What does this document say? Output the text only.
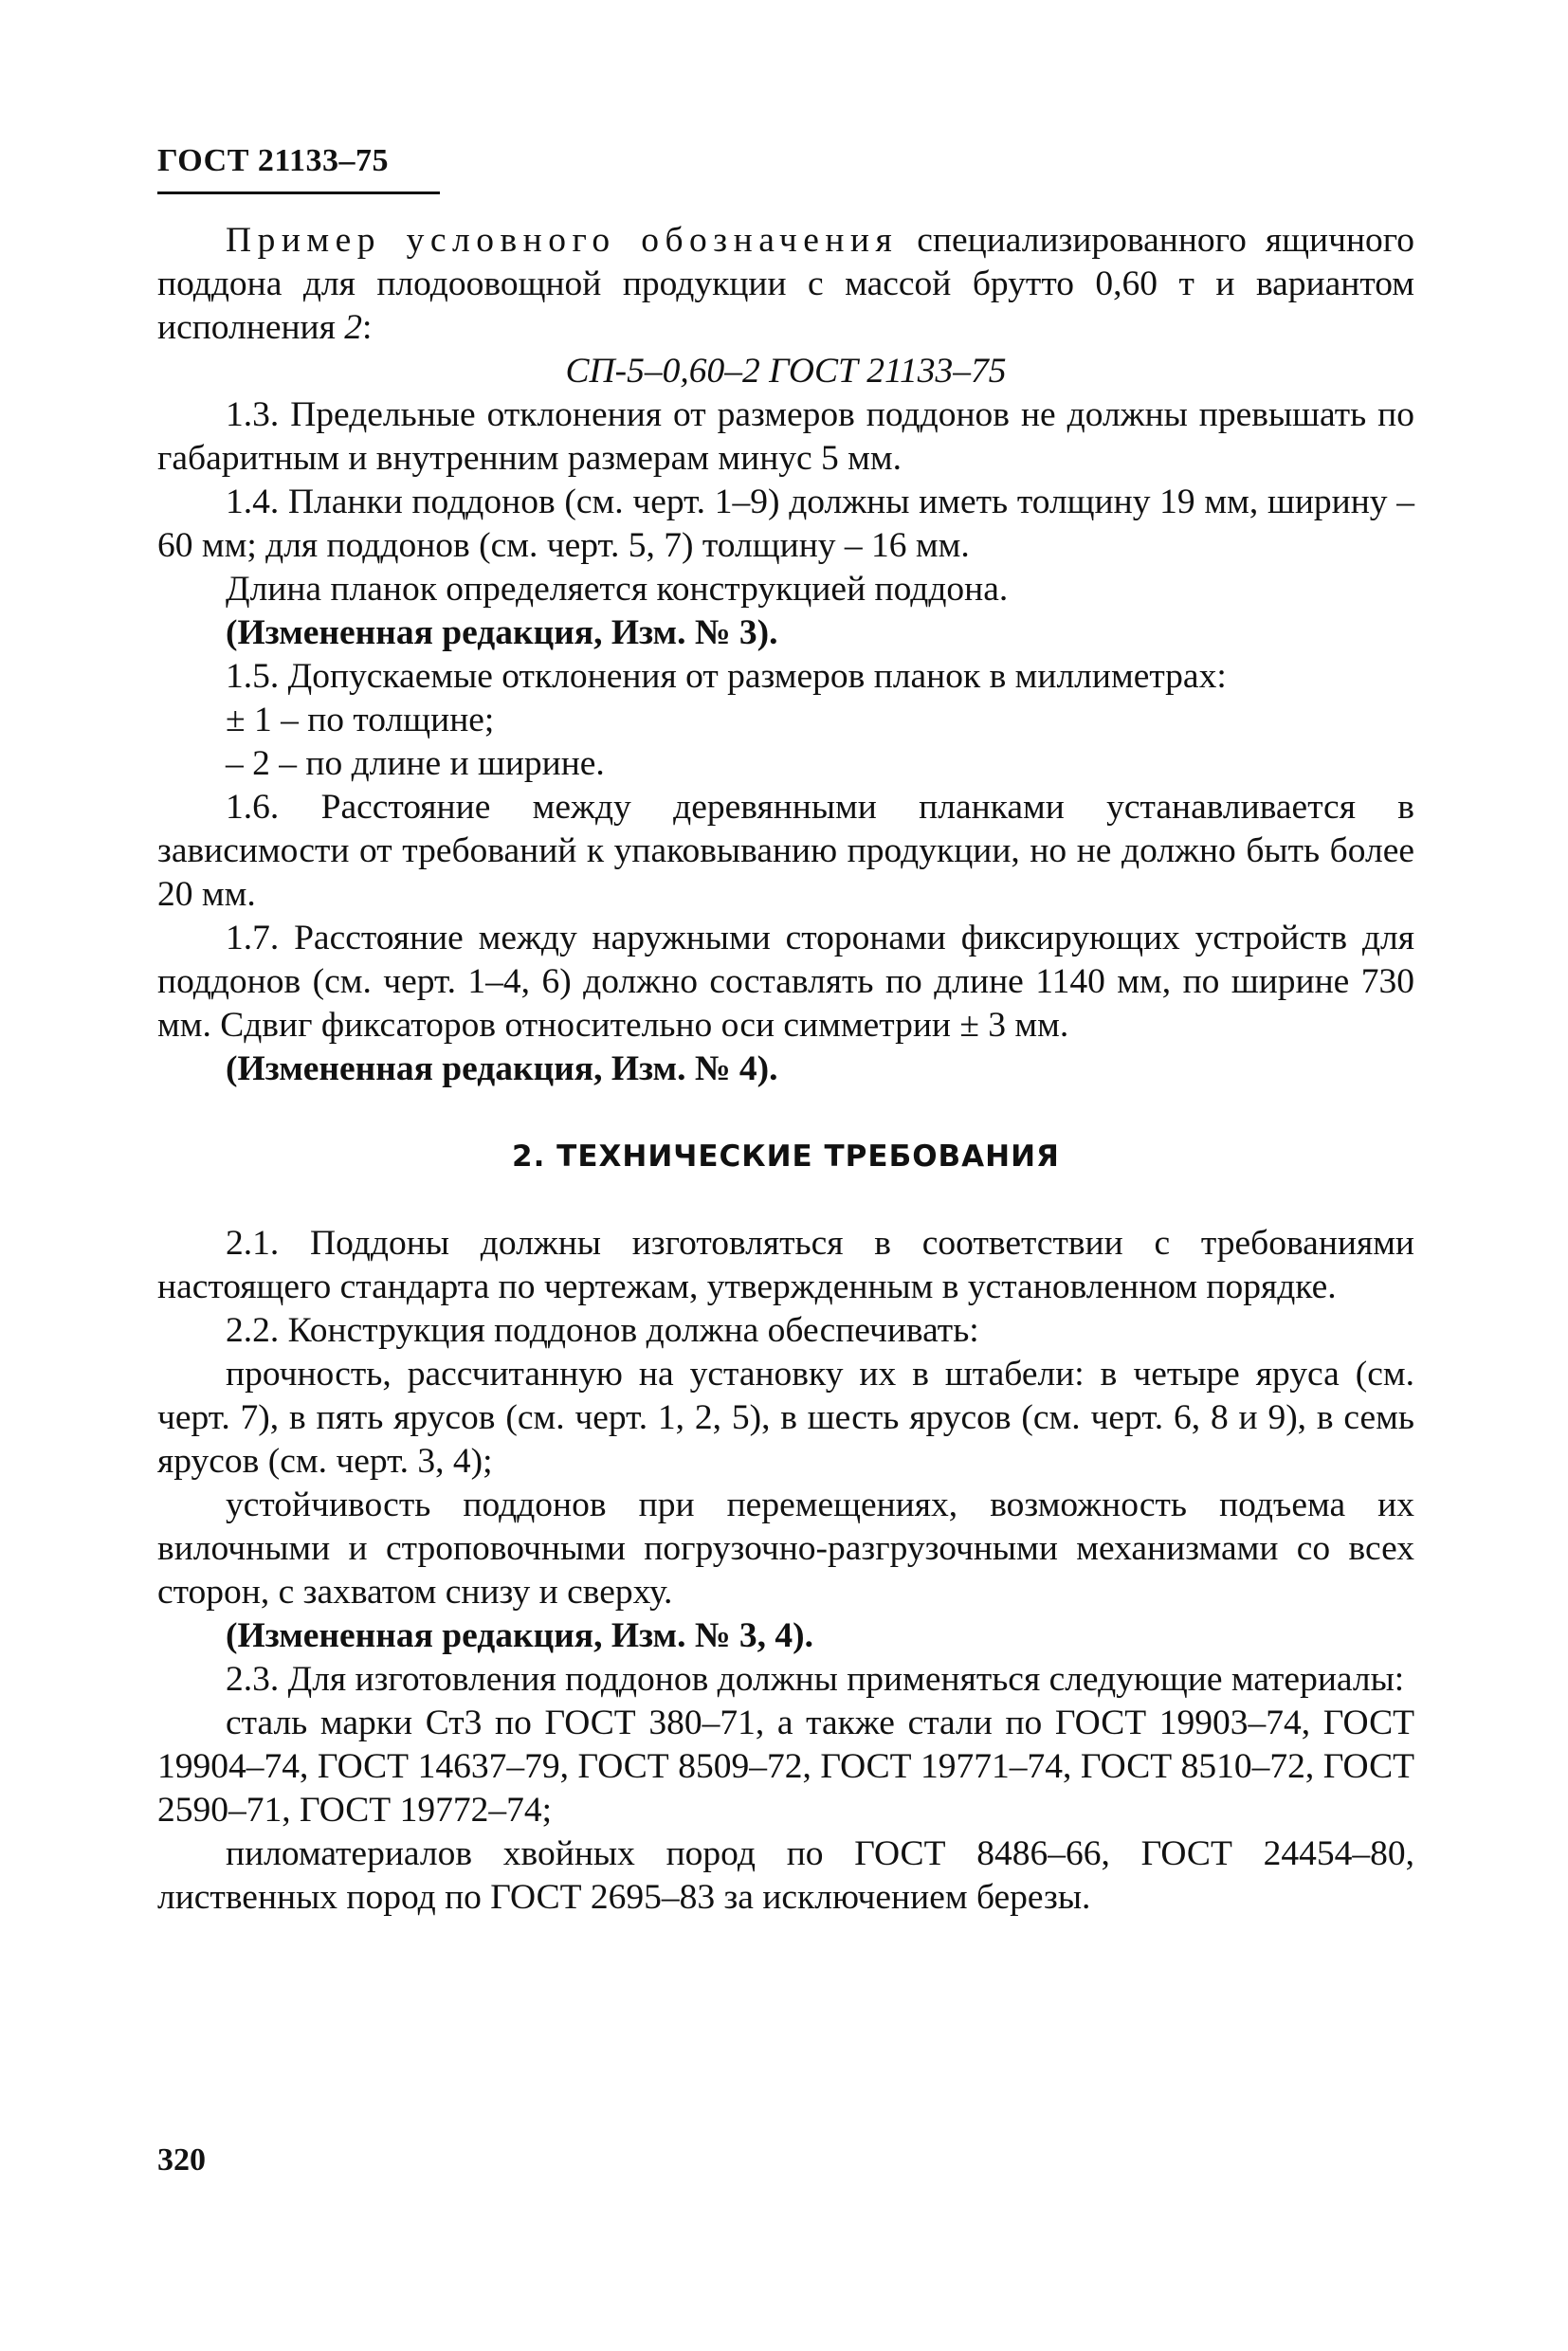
ГОСТ 21133–75

Пример условного обозначения специализированного ящичного поддона для плодоовощной продукции с массой брутто 0,60 т и вариантом исполнения 2:

СП-5–0,60–2 ГОСТ 21133–75

1.3. Предельные отклонения от размеров поддонов не должны превышать по габаритным и внутренним размерам минус 5 мм.

1.4. Планки поддонов (см. черт. 1–9) должны иметь толщину 19 мм, ширину – 60 мм; для поддонов (см. черт. 5, 7) толщину – 16 мм.

Длина планок определяется конструкцией поддона.

(Измененная редакция, Изм. № 3).

1.5. Допускаемые отклонения от размеров планок в миллиметрах:

± 1 – по толщине;

– 2 – по длине и ширине.

1.6. Расстояние между деревянными планками устанавливается в зависимости от требований к упаковыванию продукции, но не должно быть более 20 мм.

1.7. Расстояние между наружными сторонами фиксирующих устройств для поддонов (см. черт. 1–4, 6) должно составлять по длине 1140 мм, по ширине 730 мм. Сдвиг фиксаторов относительно оси симметрии ± 3 мм.

(Измененная редакция, Изм. № 4).

2. ТЕХНИЧЕСКИЕ ТРЕБОВАНИЯ

2.1. Поддоны должны изготовляться в соответствии с требованиями настоящего стандарта по чертежам, утвержденным в установленном порядке.

2.2. Конструкция поддонов должна обеспечивать:

прочность, рассчитанную на установку их в штабели: в четыре яруса (см. черт. 7), в пять ярусов (см. черт. 1, 2, 5), в шесть ярусов (см. черт. 6, 8 и 9), в семь ярусов (см. черт. 3, 4);

устойчивость поддонов при перемещениях, возможность подъема их вилочными и строповочными погрузочно-разгрузочными механизмами со всех сторон, с захватом снизу и сверху.

(Измененная редакция, Изм. № 3, 4).

2.3. Для изготовления поддонов должны применяться следующие материалы:

сталь марки Ст3 по ГОСТ 380–71, а также стали по ГОСТ 19903–74, ГОСТ 19904–74, ГОСТ 14637–79, ГОСТ 8509–72, ГОСТ 19771–74, ГОСТ 8510–72, ГОСТ 2590–71, ГОСТ 19772–74;

пиломатериалов хвойных пород по ГОСТ 8486–66, ГОСТ 24454–80, лиственных пород по ГОСТ 2695–83 за исключением березы.

320
